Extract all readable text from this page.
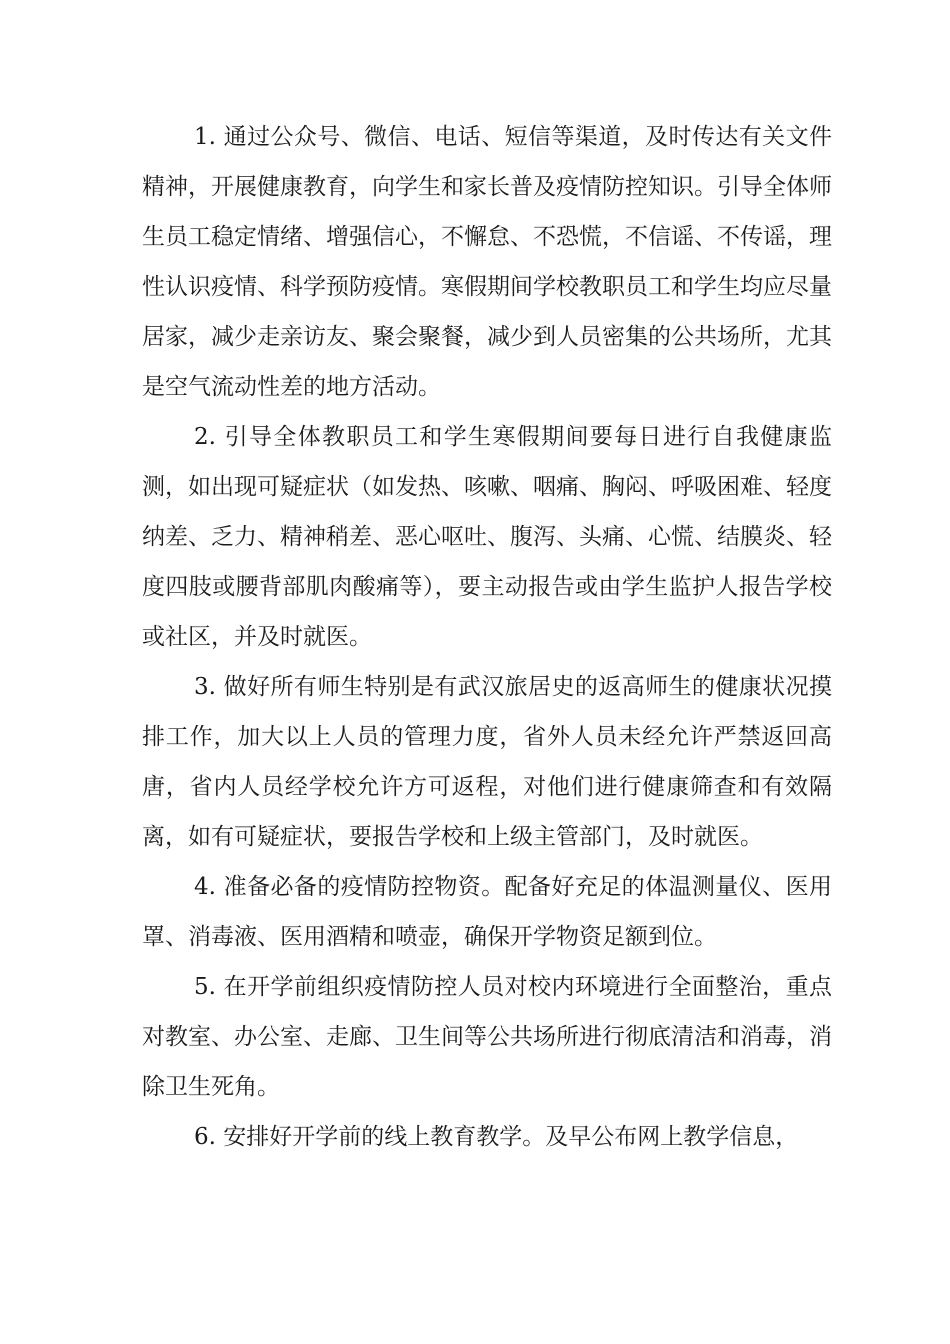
1. 通过公众号、微信、电话、短信等渠道，及时传达有关文件精神，开展健康教育，向学生和家长普及疫情防控知识。引导全体师生员工稳定情绪、增强信心，不懈怠、不恐慌，不信谣、不传谣，理性认识疫情、科学预防疫情。寒假期间学校教职员工和学生均应尽量居家，减少走亲访友、聚会聚餐，减少到人员密集的公共场所，尤其是空气流动性差的地方活动。

2. 引导全体教职员工和学生寒假期间要每日进行自我健康监测，如出现可疑症状（如发热、咳嗽、咽痛、胸闷、呼吸困难、轻度纳差、乏力、精神稍差、恶心呕吐、腹泻、头痛、心慌、结膜炎、轻度四肢或腰背部肌肉酸痛等），要主动报告或由学生监护人报告学校或社区，并及时就医。

3. 做好所有师生特别是有武汉旅居史的返高师生的健康状况摸排工作，加大以上人员的管理力度，省外人员未经允许严禁返回高唐，省内人员经学校允许方可返程，对他们进行健康筛查和有效隔离，如有可疑症状，要报告学校和上级主管部门，及时就医。

4. 准备必备的疫情防控物资。配备好充足的体温测量仪、医用罩、消毒液、医用酒精和喷壶，确保开学物资足额到位。

5. 在开学前组织疫情防控人员对校内环境进行全面整治，重点对教室、办公室、走廊、卫生间等公共场所进行彻底清洁和消毒，消除卫生死角。

6. 安排好开学前的线上教育教学。及早公布网上教学信息，
